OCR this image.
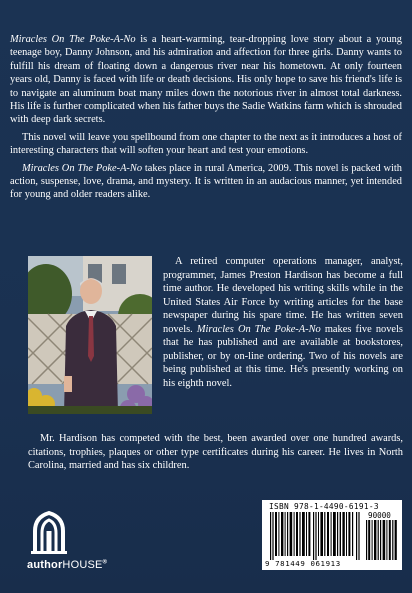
Miracles On The Poke-A-No is a heart-warming, tear-dropping love story about a young teenage boy, Danny Johnson, and his admiration and affection for three girls. Danny wants to fulfill his dream of floating down a dangerous river near his hometown. At only fourteen years old, Danny is faced with life or death decisions. His only hope to save his friend's life is to navigate an aluminum boat many miles down the notorious river in almost total darkness. His life is further complicated when his father buys the Sadie Watkins farm which is shrouded with deep dark secrets.

This novel will leave you spellbound from one chapter to the next as it introduces a host of interesting characters that will soften your heart and test your emotions.

Miracles On The Poke-A-No takes place in rural America, 2009. This novel is packed with action, suspense, love, drama, and mystery. It is written in an audacious manner, yet intended for young and older readers alike.

A retired computer operations manager, analyst, programmer, James Preston Hardison has become a full time author. He developed his writing skills while in the United States Air Force by writing articles for the base newspaper during his spare time. He has written seven novels. Miracles On The Poke-A-No makes five novels that he has published and are available at bookstores, publisher, or by on-line ordering. Two of his novels are being published at this time. He's presently working on his eighth novel.

Mr. Hardison has competed with the best, been awarded over one hundred awards, citations, trophies, plaques or other type certificates during his career. He lives in North Carolina, married and has six children.

authorHOUSE®
ISBN 978-1-4490-6191-3
90000
9 781449 061913
